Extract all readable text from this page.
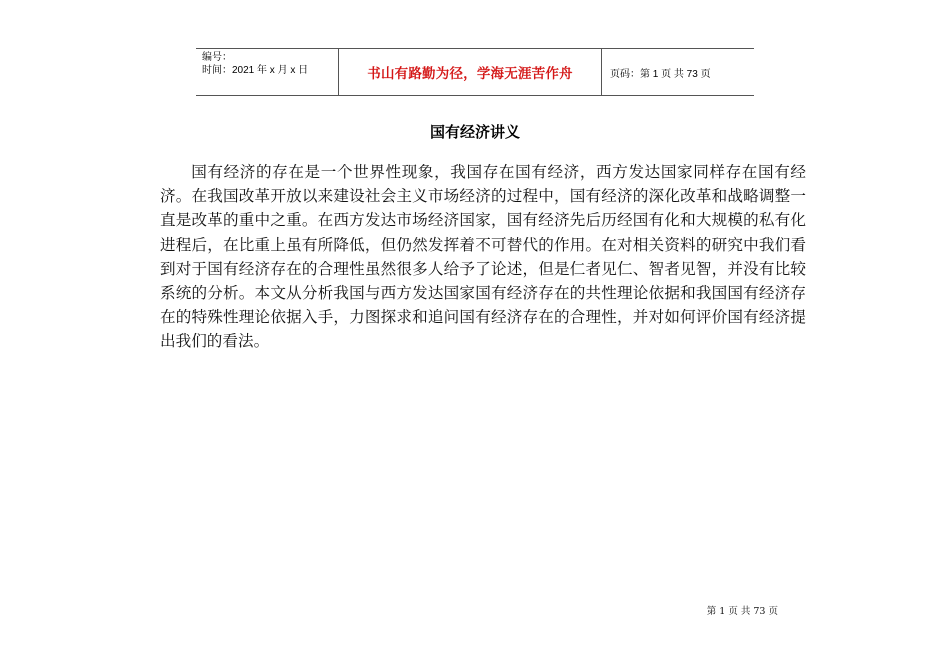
编号：
时间：2021 年 x 月 x 日	书山有路勤为径，学海无涯苦作舟	页码：第 1 页 共 73 页
国有经济讲义

国有经济的存在是一个世界性现象，我国存在国有经济，西方发达国家同样存在国有经济。在我国改革开放以来建设社会主义市场经济的过程中，国有经济的深化改革和战略调整一直是改革的重中之重。在西方发达市场经济国家，国有经济先后历经国有化和大规模的私有化进程后，在比重上虽有所降低，但仍然发挥着不可替代的作用。在对相关资料的研究中我们看到对于国有经济存在的合理性虽然很多人给予了论述，但是仁者见仁、智者见智，并没有比较系统的分析。本文从分析我国与西方发达国家国有经济存在的共性理论依据和我国国有经济存在的特殊性理论依据入手，力图探求和追问国有经济存在的合理性，并对如何评价国有经济提出我们的看法。

第 1 页 共 73 页
